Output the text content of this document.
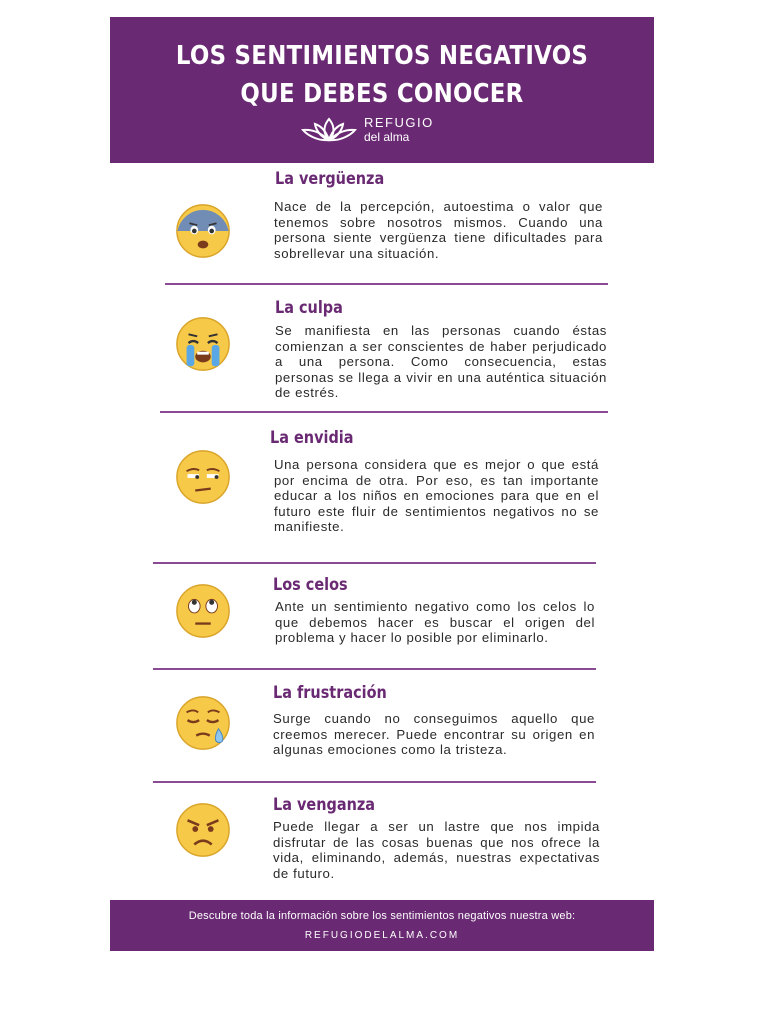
LOS SENTIMIENTOS NEGATIVOS
QUE DEBES CONOCER
REFUGIO
del alma
La vergüenza
Nace de la percepción, autoestima o valor que tenemos sobre nosotros mismos. Cuando una persona siente vergüenza tiene dificultades para sobrellevar una situación.
La culpa
Se manifiesta en las personas cuando éstas comienzan a ser conscientes de haber perjudicado a una persona. Como consecuencia, estas personas se llega a vivir en una auténtica situación de estrés.
La envidia
Una persona considera que es mejor o que está por encima de otra. Por eso, es tan importante educar a los niños en emociones para que en el futuro este fluir de sentimientos negativos no se manifieste.
Los celos
Ante un sentimiento negativo como los celos lo que debemos hacer es buscar el origen del problema y hacer lo posible por eliminarlo.
La frustración
Surge cuando no conseguimos aquello que creemos merecer. Puede encontrar su origen en algunas emociones como la tristeza.
La venganza
Puede llegar a ser un lastre que nos impida disfrutar de las cosas buenas que nos ofrece la vida, eliminando, además, nuestras expectativas de futuro.
Descubre toda la información sobre los sentimientos negativos nuestra web:
REFUGIODELALMA.COM
